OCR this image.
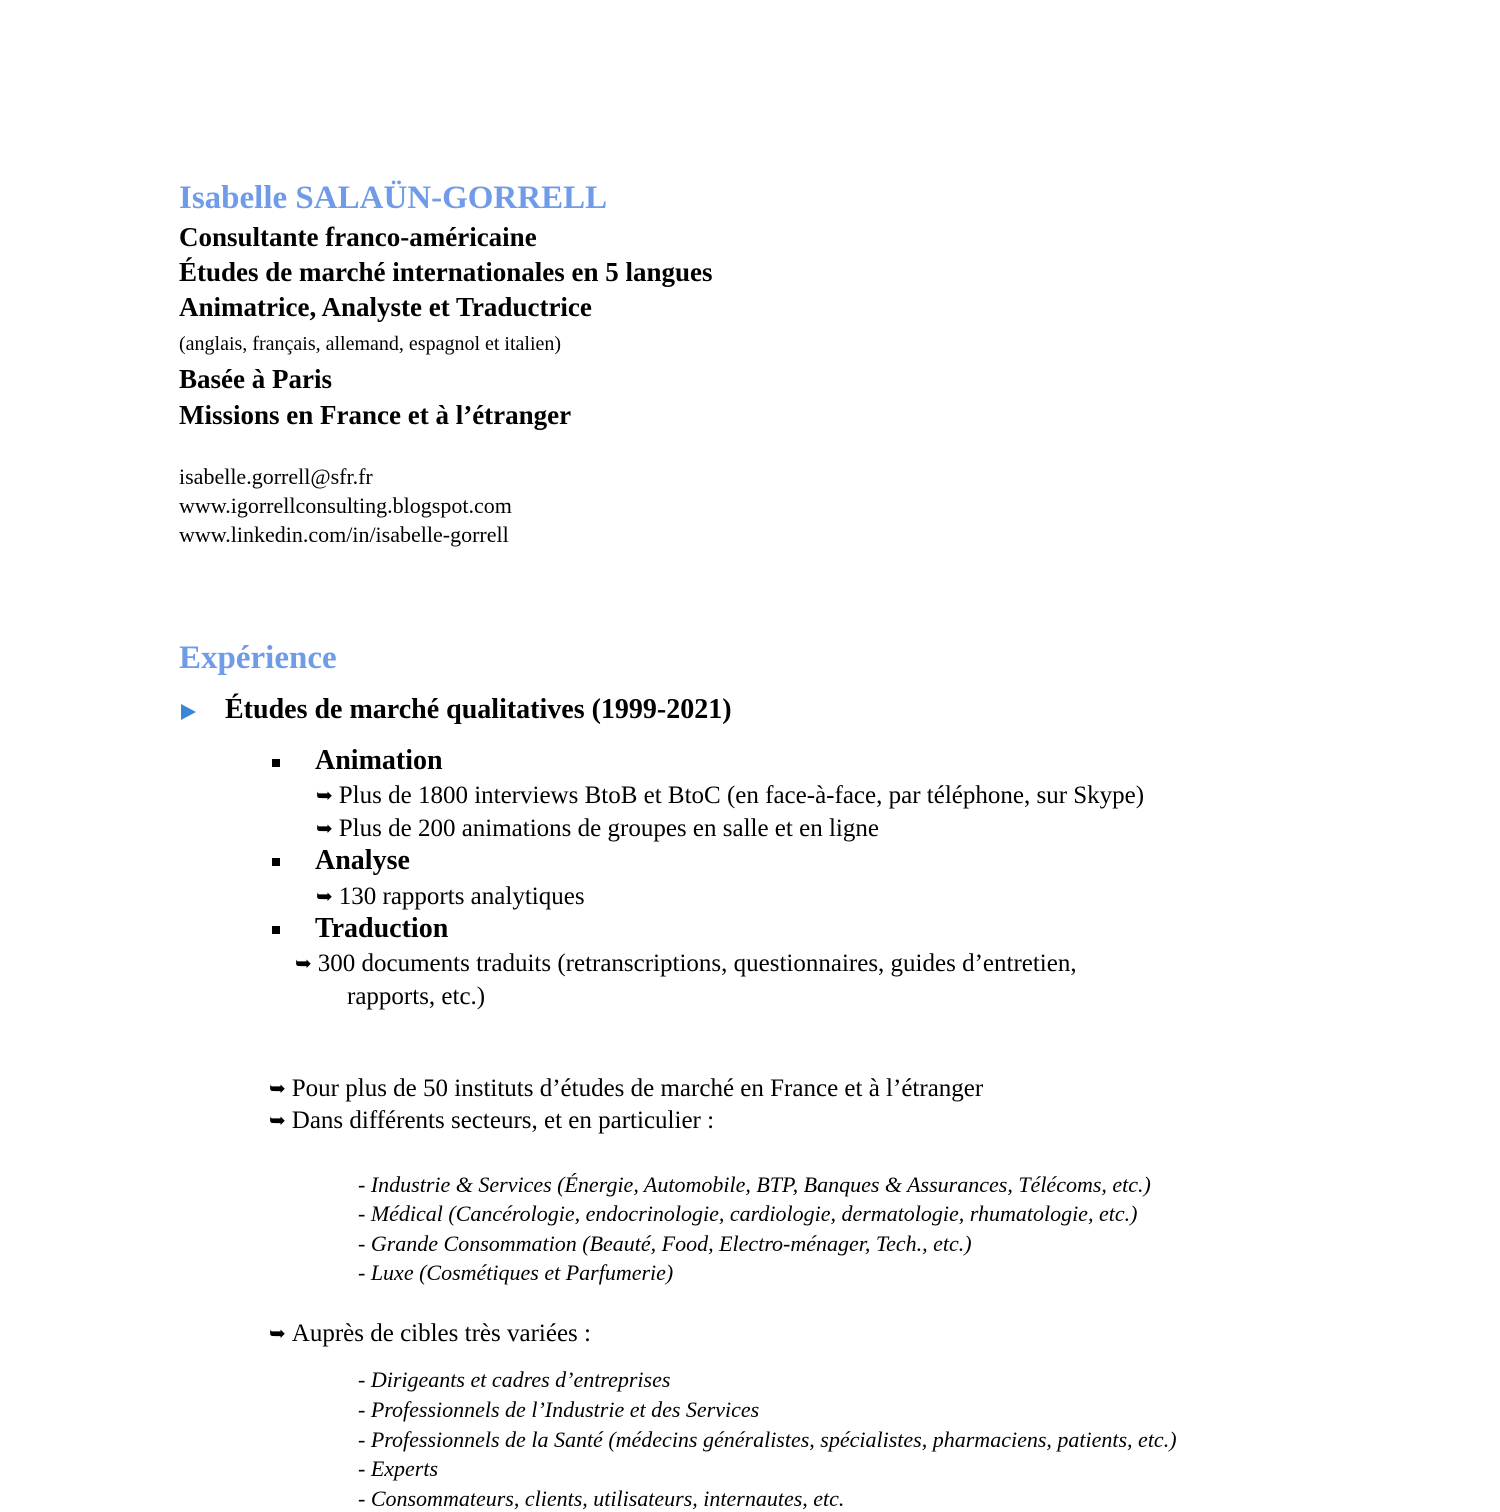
Isabelle SALAÜN-GORRELL
Consultante franco-américaine
Études de marché internationales en 5 langues
Animatrice, Analyste et Traductrice
(anglais, français, allemand, espagnol et italien)
Basée à Paris
Missions en France et à l’étranger
isabelle.gorrell@sfr.fr
www.igorrellconsulting.blogspot.com
www.linkedin.com/in/isabelle-gorrell
Expérience
Études de marché qualitatives (1999-2021)
Animation
➥ Plus de 1800 interviews BtoB et BtoC (en face-à-face, par téléphone, sur Skype)
➥ Plus de 200 animations de groupes en salle et en ligne
Analyse
➥ 130 rapports analytiques
Traduction
➥ 300 documents traduits (retranscriptions, questionnaires, guides d’entretien,
rapports, etc.)
➥ Pour plus de 50 instituts d’études de marché en France et à l’étranger
➥ Dans différents secteurs, et en particulier :
- Industrie & Services (Énergie, Automobile, BTP, Banques & Assurances, Télécoms, etc.)
- Médical (Cancérologie, endocrinologie, cardiologie, dermatologie, rhumatologie, etc.)
- Grande Consommation (Beauté, Food, Electro-ménager, Tech., etc.)
- Luxe (Cosmétiques et Parfumerie)
➥ Auprès de cibles très variées :
- Dirigeants et cadres d’entreprises
- Professionnels de l’Industrie et des Services
- Professionnels de la Santé (médecins généralistes, spécialistes, pharmaciens, patients, etc.)
- Experts
- Consommateurs, clients, utilisateurs, internautes, etc.
